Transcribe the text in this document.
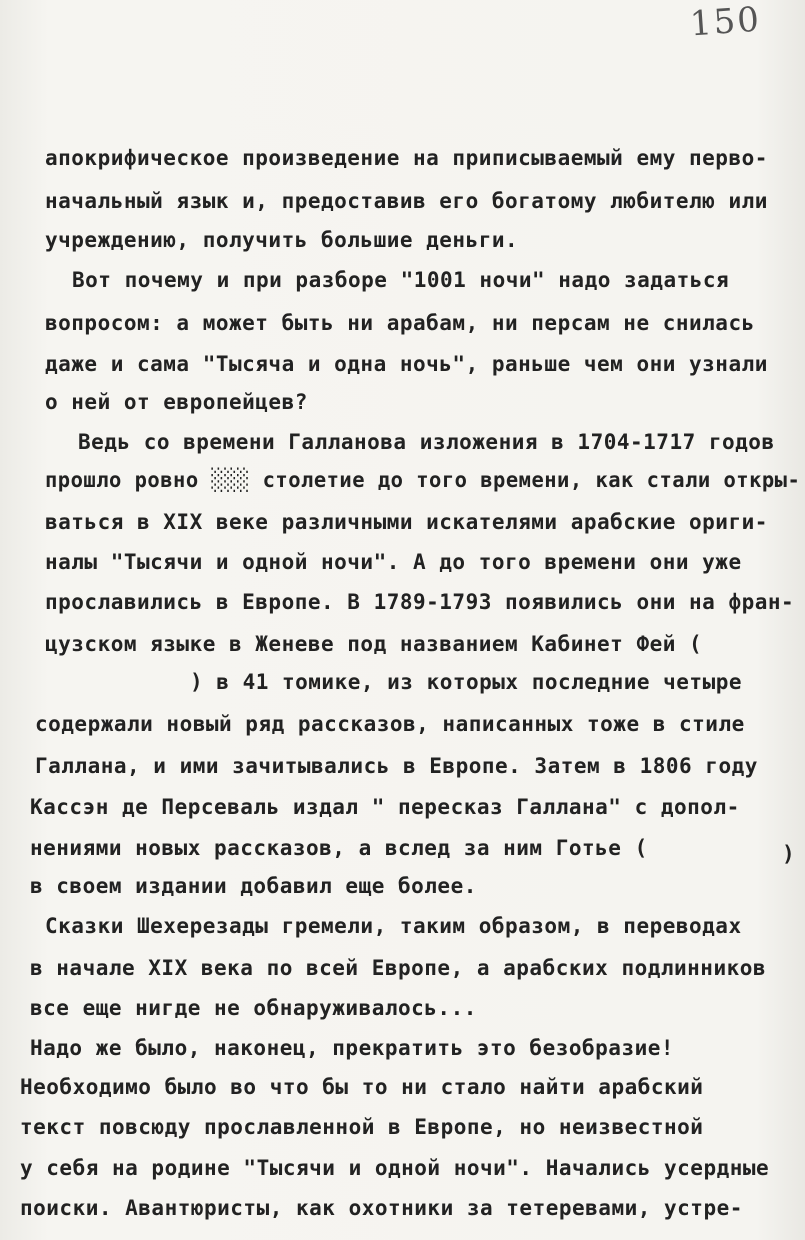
150
апокрифическое произведение на приписываемый ему перво-
начальный язык и, предоставив его богатому любителю или
учреждению, получить большие деньги.
Вот почему и при разборе "1001 ночи" надо задаться
вопросом: а может быть ни арабам, ни персам не снилась
даже и сама "Тысяча и одна ночь", раньше чем они узнали
о ней от европейцев?
Ведь со времени Галланова изложения в 1704-1717 годов
прошло ровно ░░░ столетие до того времени, как стали откры-
ваться в XIX веке различными искателями арабские ориги-
налы "Тысячи и одной ночи". А до того времени они уже
прославились в Европе. В 1789-1793 появились они на фран-
цузском языке в Женеве под названием Кабинет Фей (
) в 41 томике, из которых последние четыре
содержали новый ряд рассказов, написанных тоже в стиле
Галлана, и ими зачитывались в Европе. Затем в 1806 году
Кассэн де Персеваль издал " пересказ Галлана" с допол-
нениями новых рассказов, а вслед за ним Готье (	)
в своем издании добавил еще более.
Сказки Шехерезады гремели, таким образом, в переводах
в начале XIX века по всей Европе, а арабских подлинников
все еще нигде не обнаруживалось...
Надо же было, наконец, прекратить это безобразие!
Необходимо было во что бы то ни стало найти арабский
текст повсюду прославленной в Европе, но неизвестной
у себя на родине "Тысячи и одной ночи". Начались усердные
поиски. Авантюристы, как охотники за тетеревами, устре-
